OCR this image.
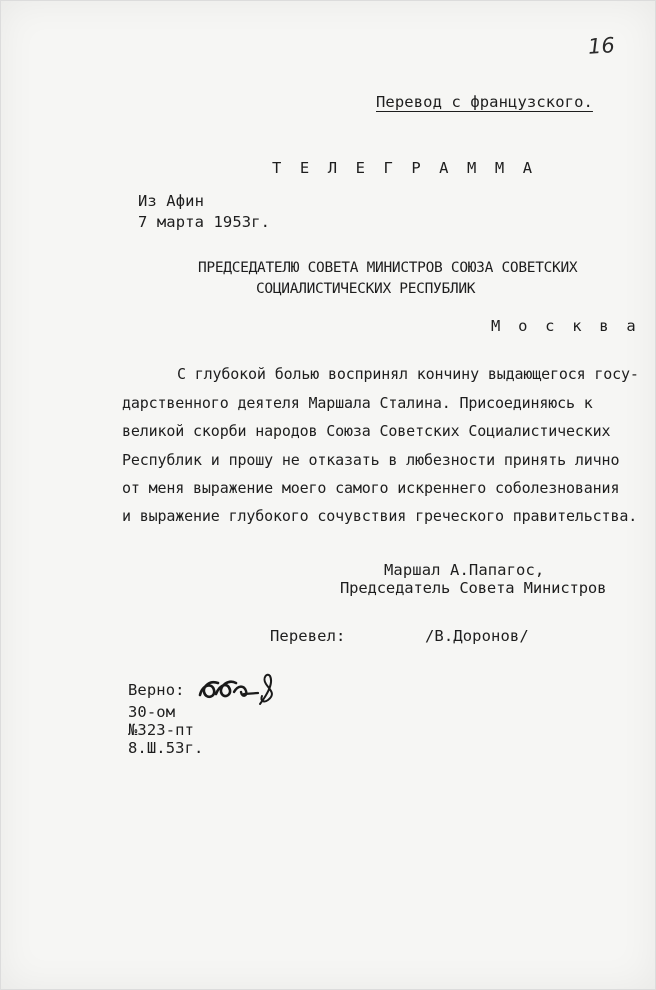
16
Перевод с французского.
Т Е Л Е Г Р А М М А
Из Афин
7 марта 1953г.
ПРЕДСЕДАТЕЛЮ СОВЕТА МИНИСТРОВ СОЮЗА СОВЕТСКИХ
СОЦИАЛИСТИЧЕСКИХ РЕСПУБЛИК
М о с к в а
С глубокой болью воспринял кончину выдающегося госу-
дарственного деятеля Маршала Сталина. Присоединяюсь к
великой скорби народов Союза Советских Социалистических
Республик и прошу не отказать в любезности принять лично
от меня выражение моего самого искреннего соболезнования
и выражение глубокого сочувствия греческого правительства.
Маршал А.Папагос,
Председатель Совета Министров
Перевел:	/В.Доронов/
Верно:
30-ом
№323-пт
8.Ш.53г.
